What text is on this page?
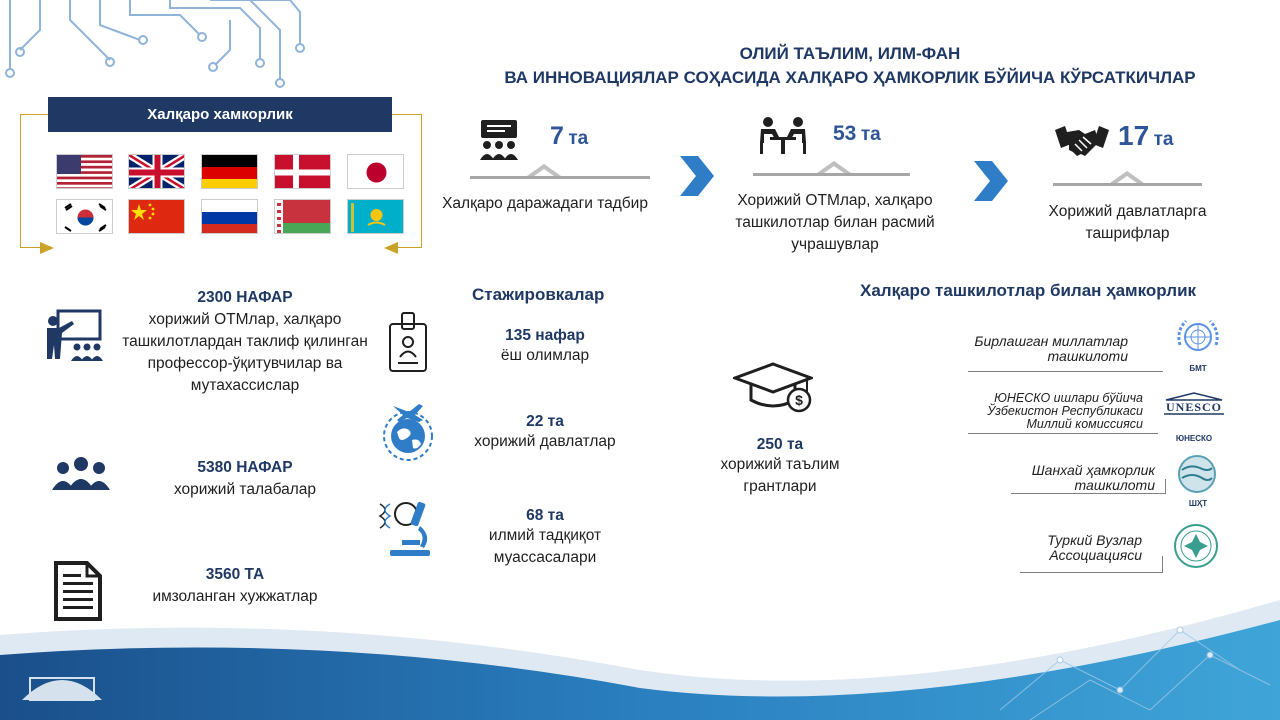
ОЛИЙ ТАЪЛИМ, ИЛМ-ФАН
ВА ИННОВАЦИЯЛАР СОҲАСИДА ХАЛҚАРО ҲАМКОРЛИК БЎЙИЧА КЎРСАТКИЧЛАР
Халқаро хамкорлик
7 та
Халқаро даражадаги тадбир
53 та
Хорижий ОТМлар, халқаро ташкилотлар билан расмий учрашувлар
17 та
Хорижий давлатларга ташрифлар
2300 НАФАР
хорижий ОТМлар, халқаро ташкилотлардан таклиф қилинган профессор-ўқитувчилар ва мутахассислар
5380 НАФАР
хорижий талабалар
3560 ТА
имзоланган хужжатлар
Стажировкалар
135 нафар
ёш олимлар
22 та
хорижий давлатлар
68 та
илмий тадқиқот муассасалари
$
250 та
хорижий таълим грантлари
Халқаро ташкилотлар билан ҳамкорлик
Бирлашган миллатлар ташкилоти
БМТ
ЮНЕСКО ишлари бўйича Ўзбекистон Республикаси Миллий комиссияси
UNESCO
ЮНЕСКО
Шанхай ҳамкорлик ташкилоти
ШҲТ
Туркий Вузлар Ассоциацияси
